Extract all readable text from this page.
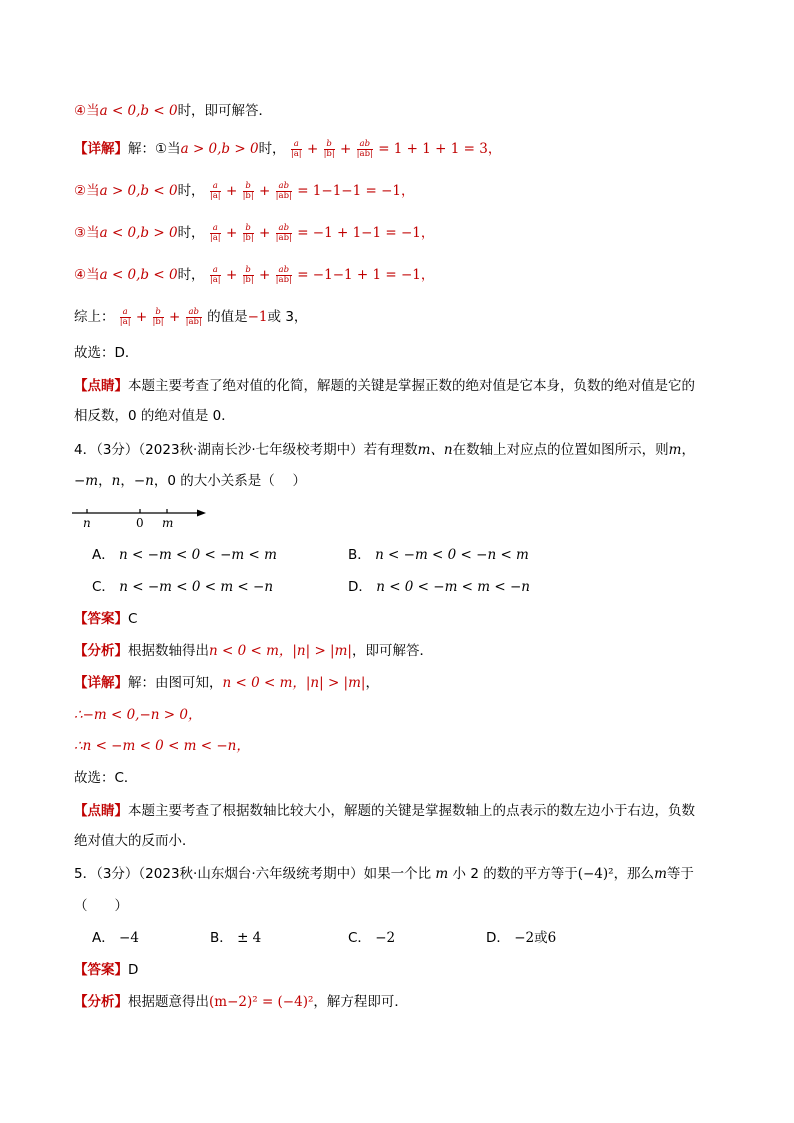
④当a < 0,b < 0时，即可解答．
【详解】解：①当a > 0,b > 0时， $\frac{a}{|a|} + \frac{b}{|b|} + \frac{ab}{|ab|} = 1 + 1 + 1 = 3$，
②当a > 0,b < 0时， $\frac{a}{|a|} + \frac{b}{|b|} + \frac{ab}{|ab|} = 1-1-1 = -1$，
③当a < 0,b > 0时， $\frac{a}{|a|} + \frac{b}{|b|} + \frac{ab}{|ab|} = -1 + 1-1 = -1$，
④当a < 0,b < 0时， $\frac{a}{|a|} + \frac{b}{|b|} + \frac{ab}{|ab|} = -1-1 + 1 = -1$，
综上： $\frac{a}{|a|} + \frac{b}{|b|} + \frac{ab}{|ab|}$ 的值是−1或 3，
故选：D．
【点睛】本题主要考查了绝对值的化简，解题的关键是掌握正数的绝对值是它本身，负数的绝对值是它的
相反数，0 的绝对值是 0．
4．（3分）（2023秋·湖南长沙·七年级校考期中）若有理数m、n在数轴上对应点的位置如图所示，则m，
−m，n，−n，0 的大小关系是（　 ）
n	0 m
A． n < −m < 0 < −m < m	B． n < −m < 0 < −n < m
C． n < −m < 0 < m < −n	D． n < 0 < −m < m < −n
【答案】C
【分析】根据数轴得出n < 0 < m，|n| > |m|，即可解答．
【详解】解：由图可知，n < 0 < m，|n| > |m|，
∴−m < 0,−n > 0，
∴n < −m < 0 < m < −n，
故选：C．
【点睛】本题主要考查了根据数轴比较大小，解题的关键是掌握数轴上的点表示的数左边小于右边，负数
绝对值大的反而小．
5．（3分）（2023秋·山东烟台·六年级统考期中）如果一个比 m 小 2 的数的平方等于(−4)²，那么m等于
（　　）
A． −4	B． ± 4	C． −2	D． −2或6
【答案】D
【分析】根据题意得出(m−2)² = (−4)²，解方程即可．
